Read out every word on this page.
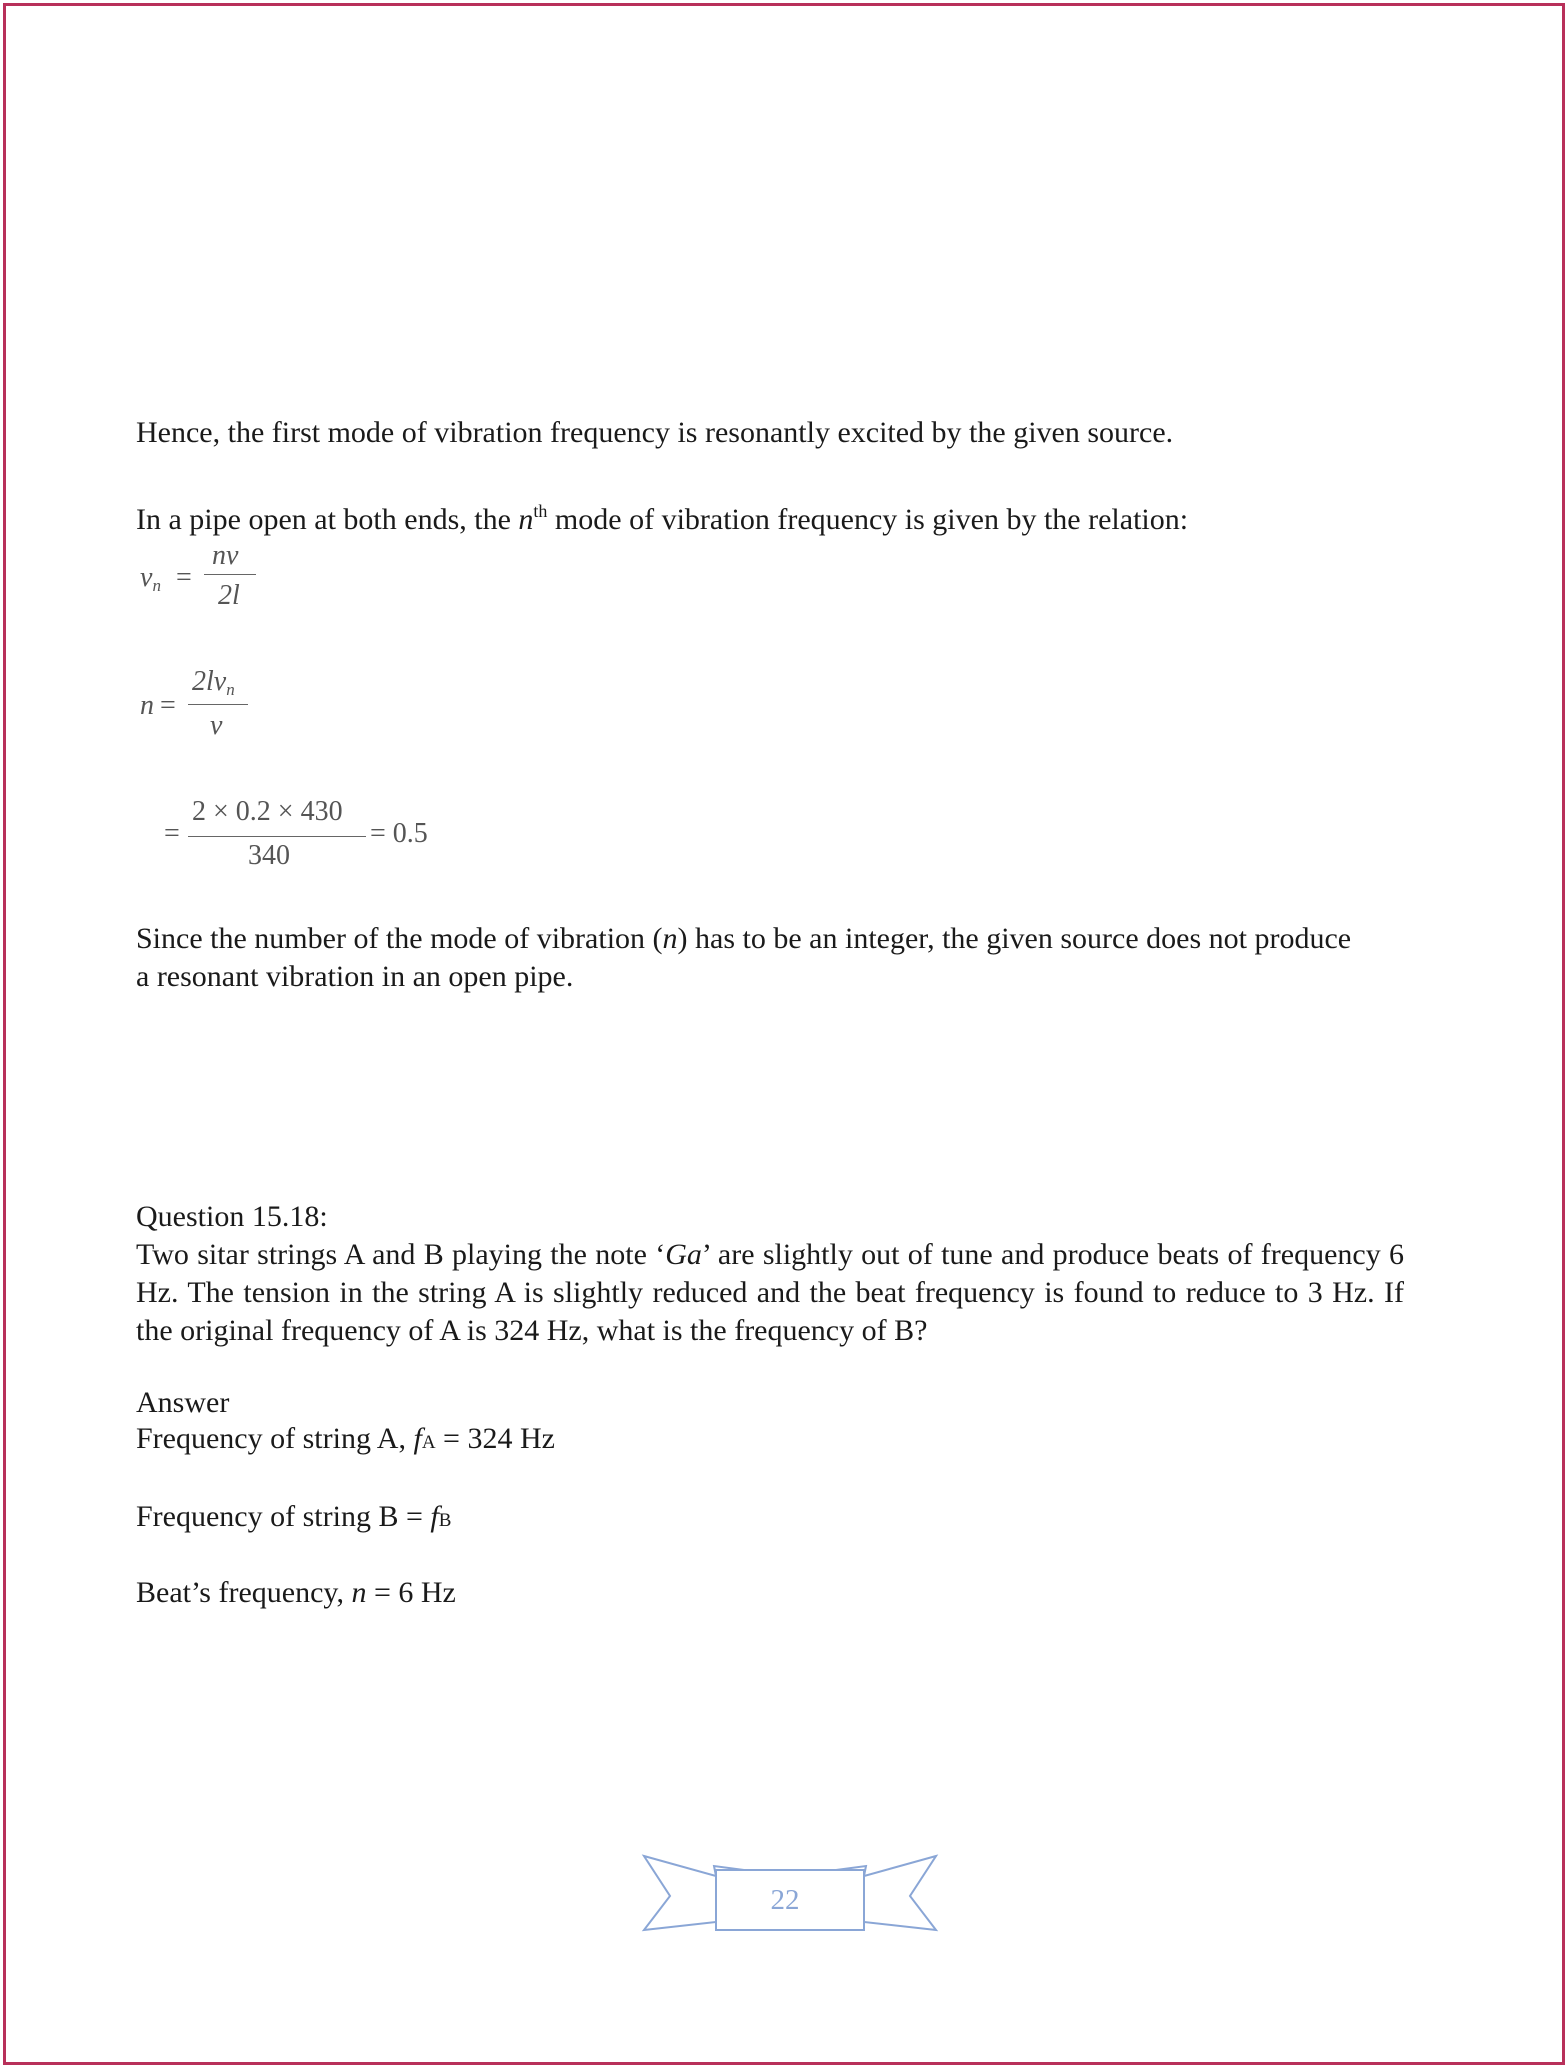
Hence, the first mode of vibration frequency is resonantly excited by the given source.

In a pipe open at both ends, the $n^{th}$ mode of vibration frequency is given by the relation:

$\nu_n$ =
nv
2l
n =
$2l\nu_n$
ν
=
2 × 0.2 × 430
340
= 0.5

Since the number of the mode of vibration (n) has to be an integer, the given source does not produce a resonant vibration in an open pipe.

Question 15.18:

Two sitar strings A and B playing the note ‘Ga’ are slightly out of tune and produce beats of frequency 6 Hz. The tension in the string A is slightly reduced and the beat frequency is found to reduce to 3 Hz. If the original frequency of A is 324 Hz, what is the frequency of B?

Answer

Frequency of string A, fA = 324 Hz

Frequency of string B = fB

Beat’s frequency, n = 6 Hz

22
